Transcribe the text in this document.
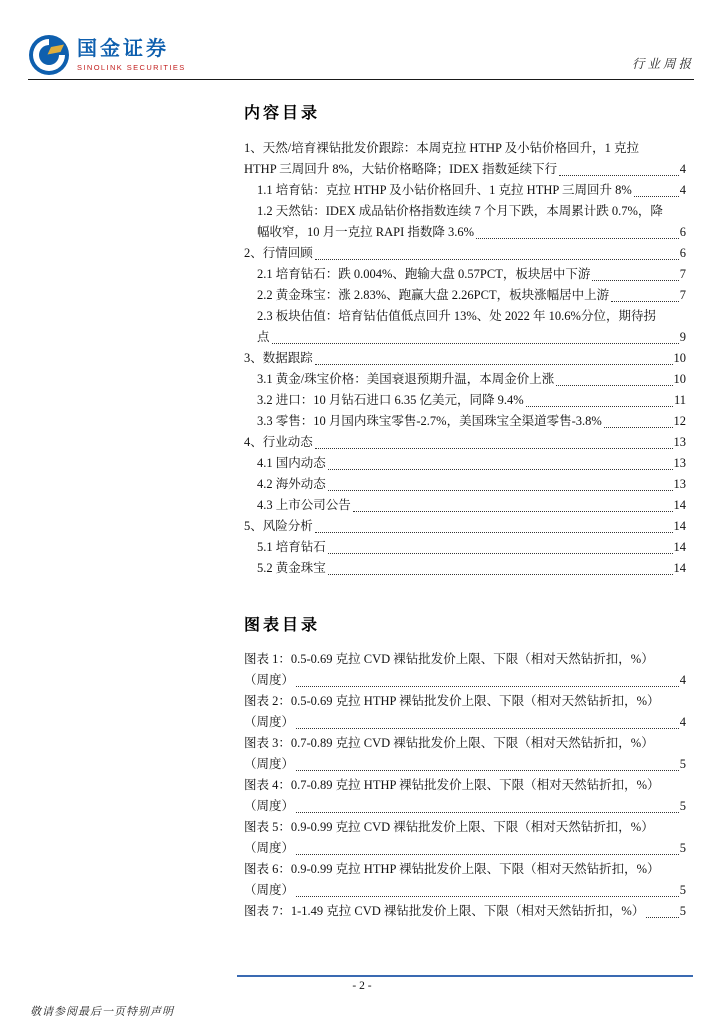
国金证券
SINOLINK SECURITIES	行业周报
内容目录
1、天然/培育裸钻批发价跟踪：本周克拉 HTHP 及小钻价格回升，1 克拉
HTHP 三周回升 8%，大钻价格略降；IDEX 指数延续下行	4
1.1 培育钻：克拉 HTHP 及小钻价格回升、1 克拉 HTHP 三周回升 8%	4
1.2 天然钻：IDEX 成品钻价格指数连续 7 个月下跌，本周累计跌 0.7%，降
幅收窄，10 月一克拉 RAPI 指数降 3.6%	6
2、行情回顾	6
2.1 培育钻石：跌 0.004%、跑输大盘 0.57PCT，板块居中下游	7
2.2 黄金珠宝：涨 2.83%、跑赢大盘 2.26PCT，板块涨幅居中上游	7
2.3 板块估值：培育钻估值低点回升 13%、处 2022 年 10.6%分位，期待拐
点	9
3、数据跟踪	10
3.1 黄金/珠宝价格：美国衰退预期升温，本周金价上涨	10
3.2 进口：10 月钻石进口 6.35 亿美元，同降 9.4%	11
3.3 零售：10 月国内珠宝零售-2.7%，美国珠宝全渠道零售-3.8%	12
4、行业动态	13
4.1 国内动态	13
4.2 海外动态	13
4.3 上市公司公告	14
5、风险分析	14
5.1 培育钻石	14
5.2 黄金珠宝	14
图表目录
图表 1：0.5-0.69 克拉 CVD 裸钻批发价上限、下限（相对天然钻折扣，%）
（周度）	4
图表 2：0.5-0.69 克拉 HTHP 裸钻批发价上限、下限（相对天然钻折扣，%）
（周度）	4
图表 3：0.7-0.89 克拉 CVD 裸钻批发价上限、下限（相对天然钻折扣，%）
（周度）	5
图表 4：0.7-0.89 克拉 HTHP 裸钻批发价上限、下限（相对天然钻折扣，%）
（周度）	5
图表 5：0.9-0.99 克拉 CVD 裸钻批发价上限、下限（相对天然钻折扣，%）
（周度）	5
图表 6：0.9-0.99 克拉 HTHP 裸钻批发价上限、下限（相对天然钻折扣，%）
（周度）	5
图表 7：1-1.49 克拉 CVD 裸钻批发价上限、下限（相对天然钻折扣，%）	5
- 2 -
敬请参阅最后一页特别声明
